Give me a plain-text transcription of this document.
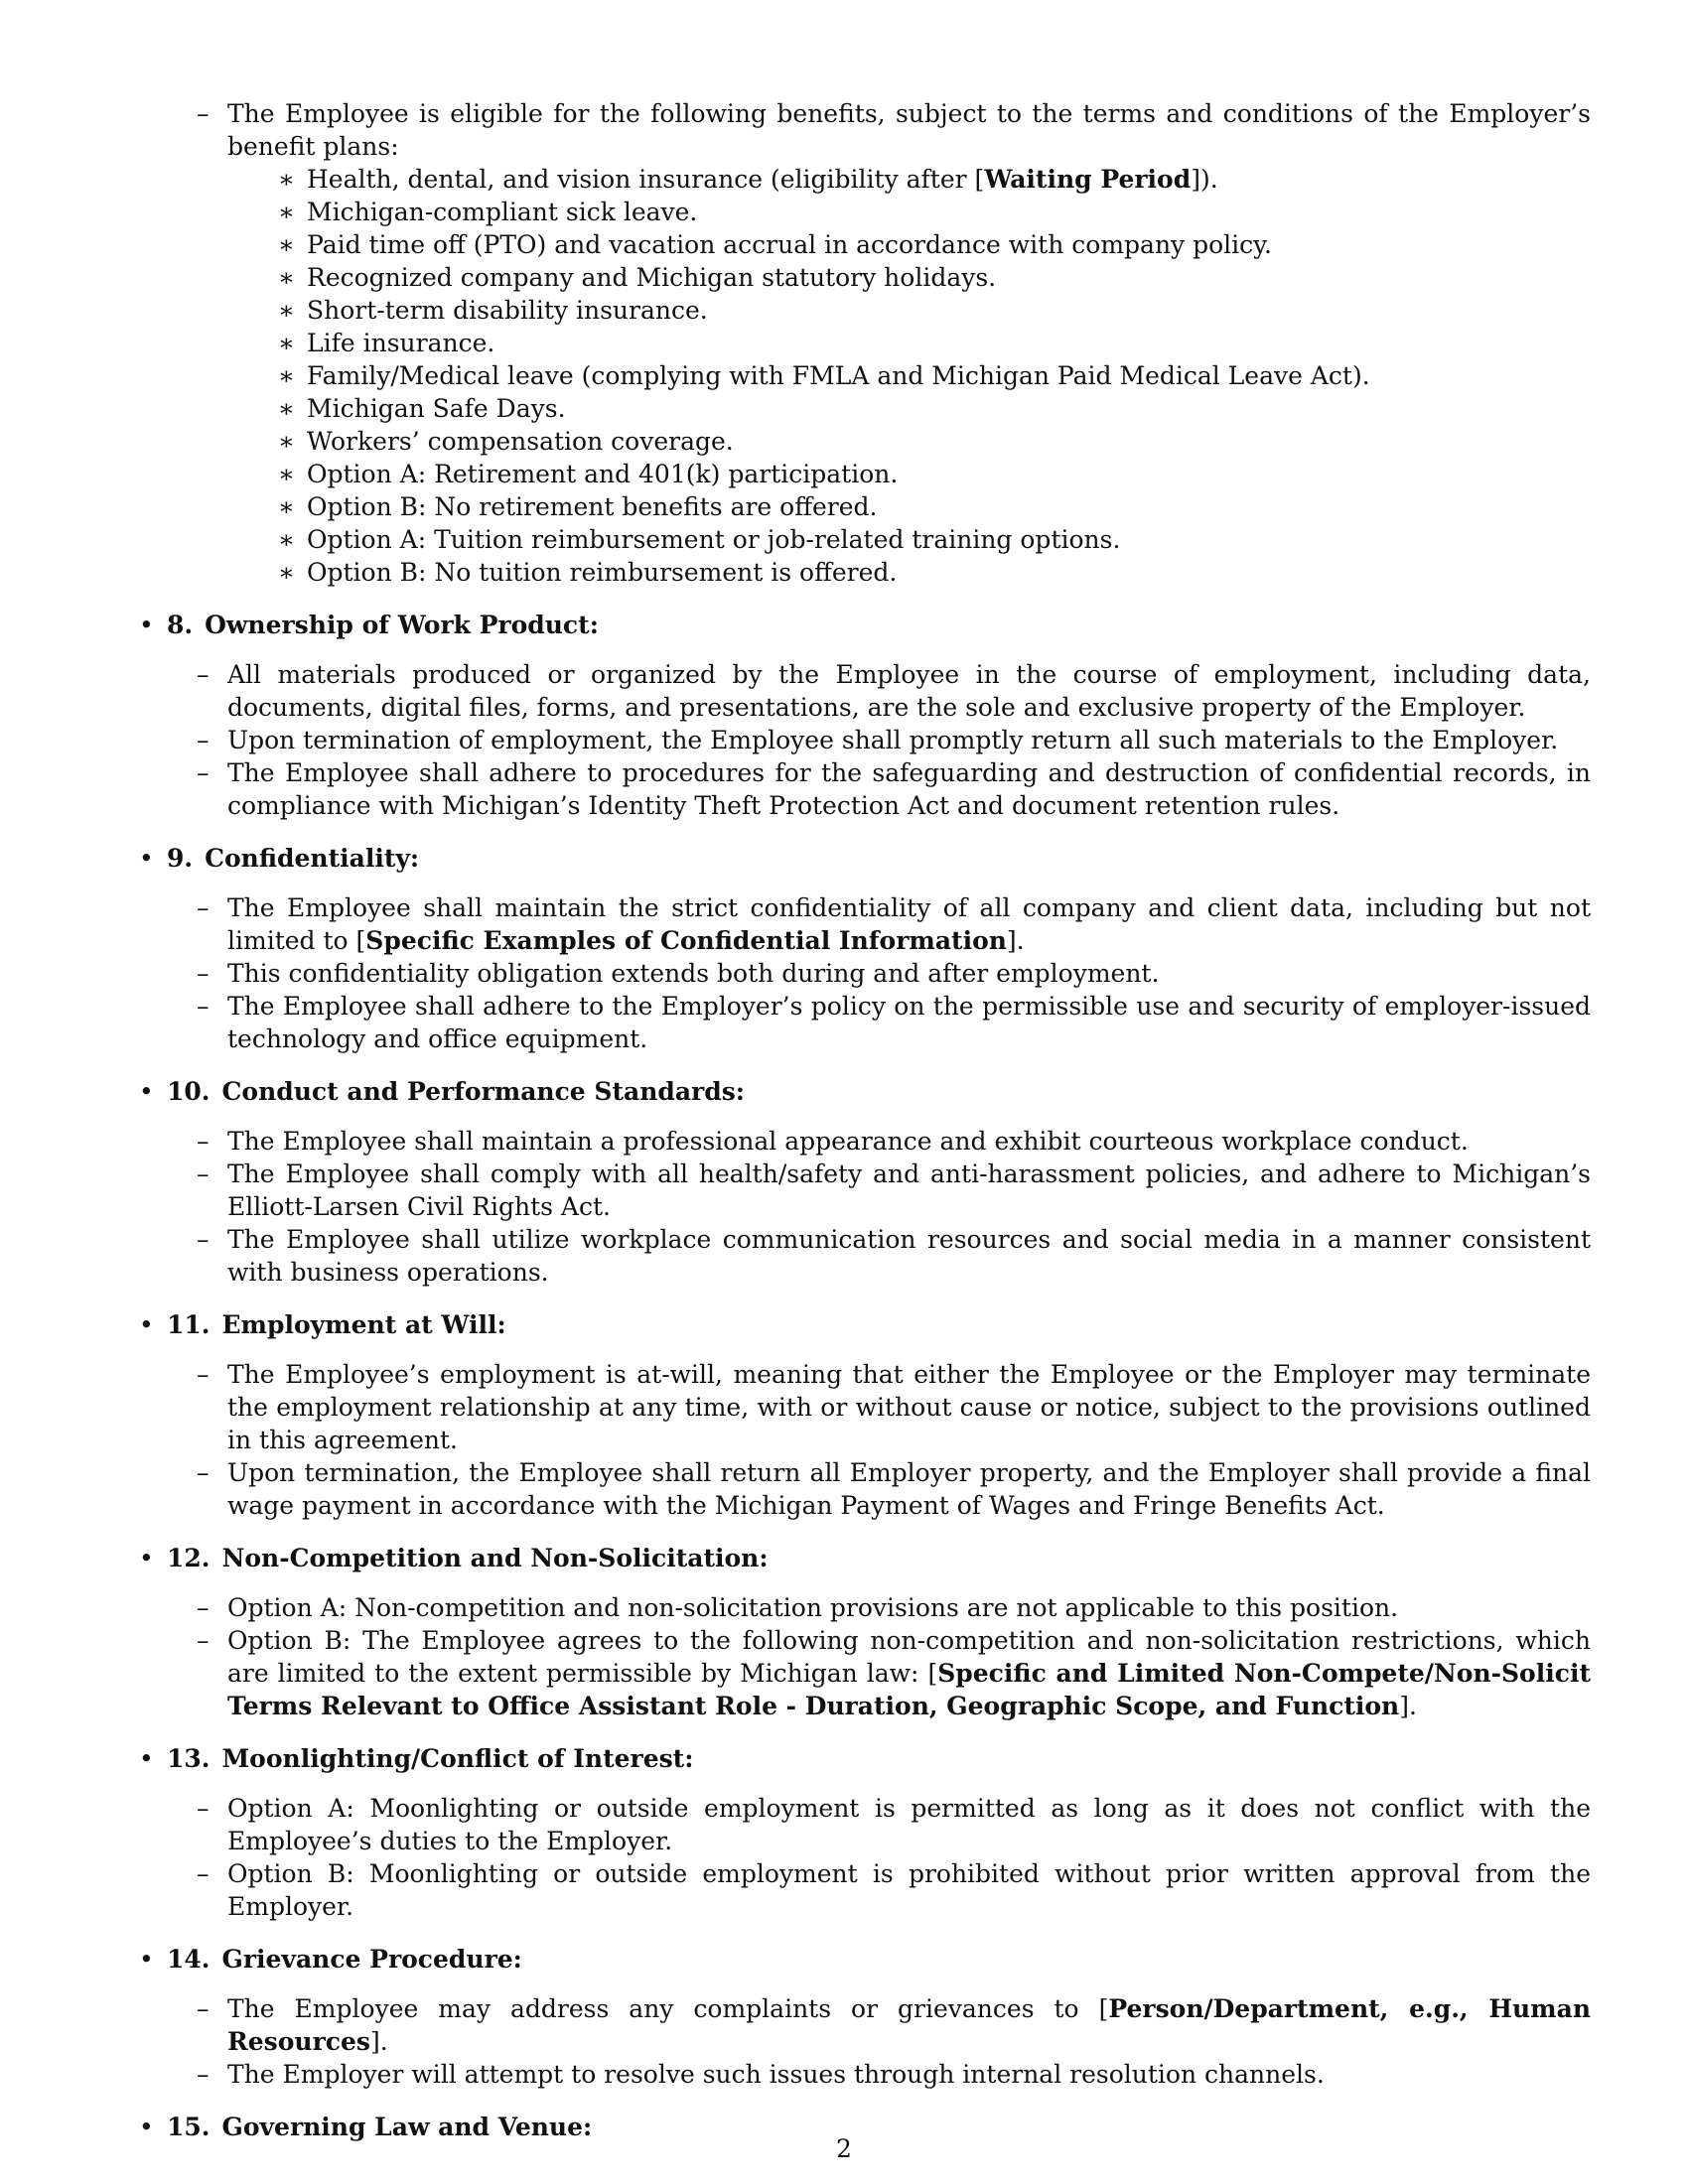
– The Employee is eligible for the following benefits, subject to the terms and conditions of the Employer’s benefit plans:
∗ Health, dental, and vision insurance (eligibility after [Waiting Period]).
∗ Michigan-compliant sick leave.
∗ Paid time off (PTO) and vacation accrual in accordance with company policy.
∗ Recognized company and Michigan statutory holidays.
∗ Short-term disability insurance.
∗ Life insurance.
∗ Family/Medical leave (complying with FMLA and Michigan Paid Medical Leave Act).
∗ Michigan Safe Days.
∗ Workers’ compensation coverage.
∗ Option A: Retirement and 401(k) participation.
∗ Option B: No retirement benefits are offered.
∗ Option A: Tuition reimbursement or job-related training options.
∗ Option B: No tuition reimbursement is offered.
• 8. Ownership of Work Product:
– All materials produced or organized by the Employee in the course of employment, including data, documents, digital files, forms, and presentations, are the sole and exclusive property of the Employer.
– Upon termination of employment, the Employee shall promptly return all such materials to the Employer.
– The Employee shall adhere to procedures for the safeguarding and destruction of confidential records, in compliance with Michigan’s Identity Theft Protection Act and document retention rules.
• 9. Confidentiality:
– The Employee shall maintain the strict confidentiality of all company and client data, including but not limited to [Specific Examples of Confidential Information].
– This confidentiality obligation extends both during and after employment.
– The Employee shall adhere to the Employer’s policy on the permissible use and security of employer-issued technology and office equipment.
• 10. Conduct and Performance Standards:
– The Employee shall maintain a professional appearance and exhibit courteous workplace conduct.
– The Employee shall comply with all health/safety and anti-harassment policies, and adhere to Michigan’s Elliott-Larsen Civil Rights Act.
– The Employee shall utilize workplace communication resources and social media in a manner consistent with business operations.
• 11. Employment at Will:
– The Employee’s employment is at-will, meaning that either the Employee or the Employer may terminate the employment relationship at any time, with or without cause or notice, subject to the provisions outlined in this agreement.
– Upon termination, the Employee shall return all Employer property, and the Employer shall provide a final wage payment in accordance with the Michigan Payment of Wages and Fringe Benefits Act.
• 12. Non-Competition and Non-Solicitation:
– Option A: Non-competition and non-solicitation provisions are not applicable to this position.
– Option B: The Employee agrees to the following non-competition and non-solicitation restrictions, which are limited to the extent permissible by Michigan law: [Specific and Limited Non-Compete/Non-Solicit Terms Relevant to Office Assistant Role - Duration, Geographic Scope, and Function].
• 13. Moonlighting/Conflict of Interest:
– Option A: Moonlighting or outside employment is permitted as long as it does not conflict with the Employee’s duties to the Employer.
– Option B: Moonlighting or outside employment is prohibited without prior written approval from the Employer.
• 14. Grievance Procedure:
– The Employee may address any complaints or grievances to [Person/Department, e.g., Human Resources].
– The Employer will attempt to resolve such issues through internal resolution channels.
• 15. Governing Law and Venue:
2
